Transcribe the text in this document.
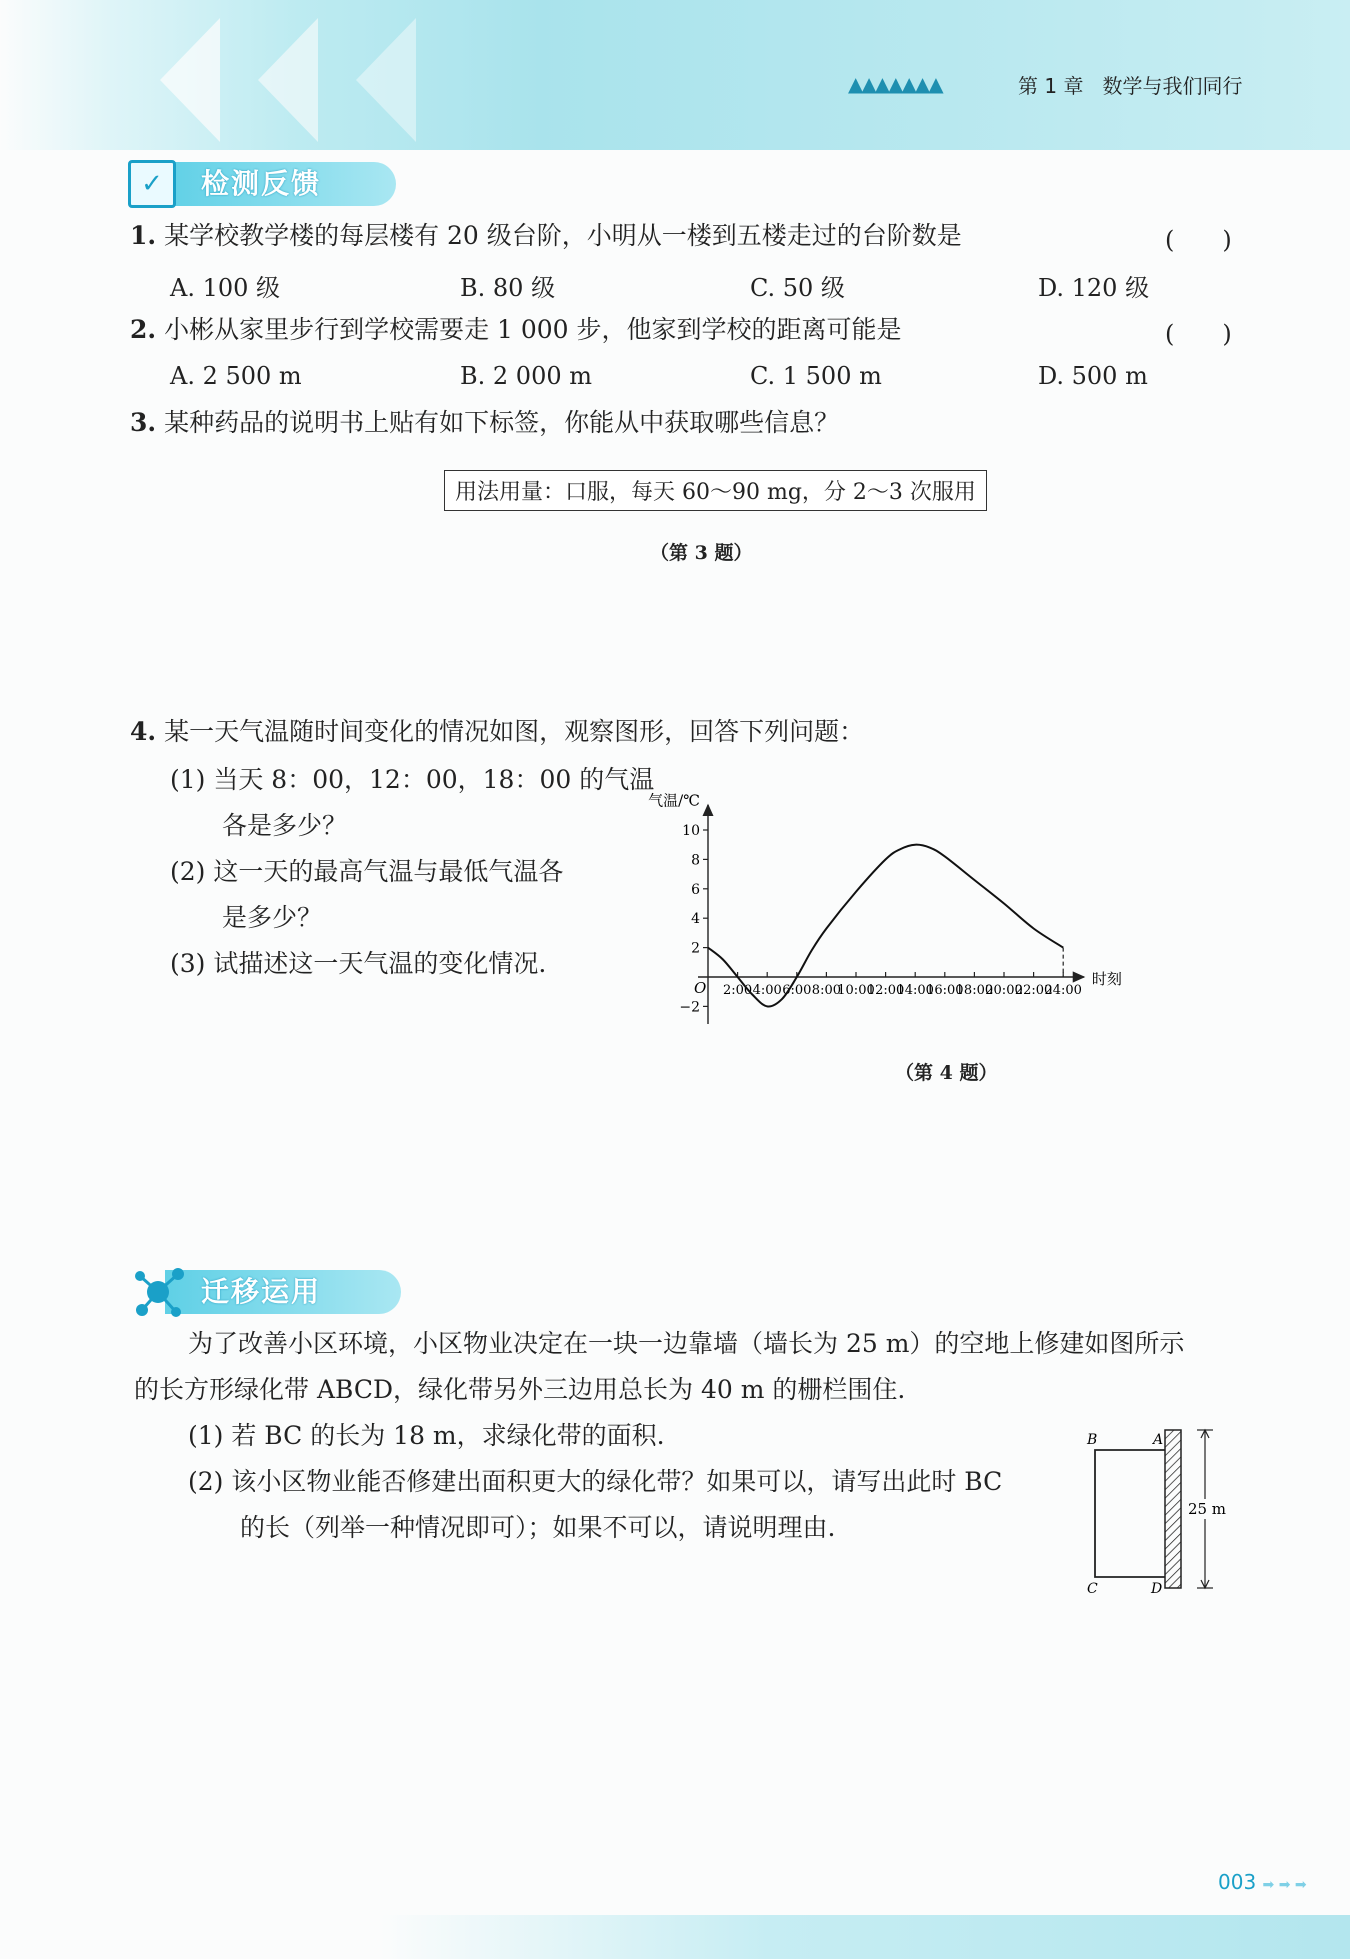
▲▲▲▲▲▲▲	第 1 章 数学与我们同行
检测反馈
✓
1. 某学校教学楼的每层楼有 20 级台阶，小明从一楼到五楼走过的台阶数是	(　　)
A. 100 级	B. 80 级	C. 50 级	D. 120 级
2. 小彬从家里步行到学校需要走 1 000 步，他家到学校的距离可能是	(　　)
A. 2 500 m	B. 2 000 m	C. 1 500 m	D. 500 m
3. 某种药品的说明书上贴有如下标签，你能从中获取哪些信息？
用法用量：口服，每天 60～90 mg，分 2～3 次服用
（第 3 题）
4. 某一天气温随时间变化的情况如图，观察图形，回答下列问题：
(1) 当天 8：00，12：00，18：00 的气温
各是多少？
(2) 这一天的最高气温与最低气温各
是多少？
(3) 试描述这一天气温的变化情况.
气温/℃
时刻
O
10
8
6
4
2
−2
2:00 4:00 6:00 8:00
10:00
12:00
14:00
16:00
18:00
20:00
22:00
24:00
（第 4 题）
迁移运用
为了改善小区环境，小区物业决定在一块一边靠墙（墙长为 25 m）的空地上修建如图所示
的长方形绿化带 ABCD，绿化带另外三边用总长为 40 m 的栅栏围住.
(1) 若 BC 的长为 18 m，求绿化带的面积.
(2) 该小区物业能否修建出面积更大的绿化带？如果可以，请写出此时 BC
的长（列举一种情况即可）；如果不可以，请说明理由.
25 m
B	A
C	D
003 ➡ ➡ ➡
